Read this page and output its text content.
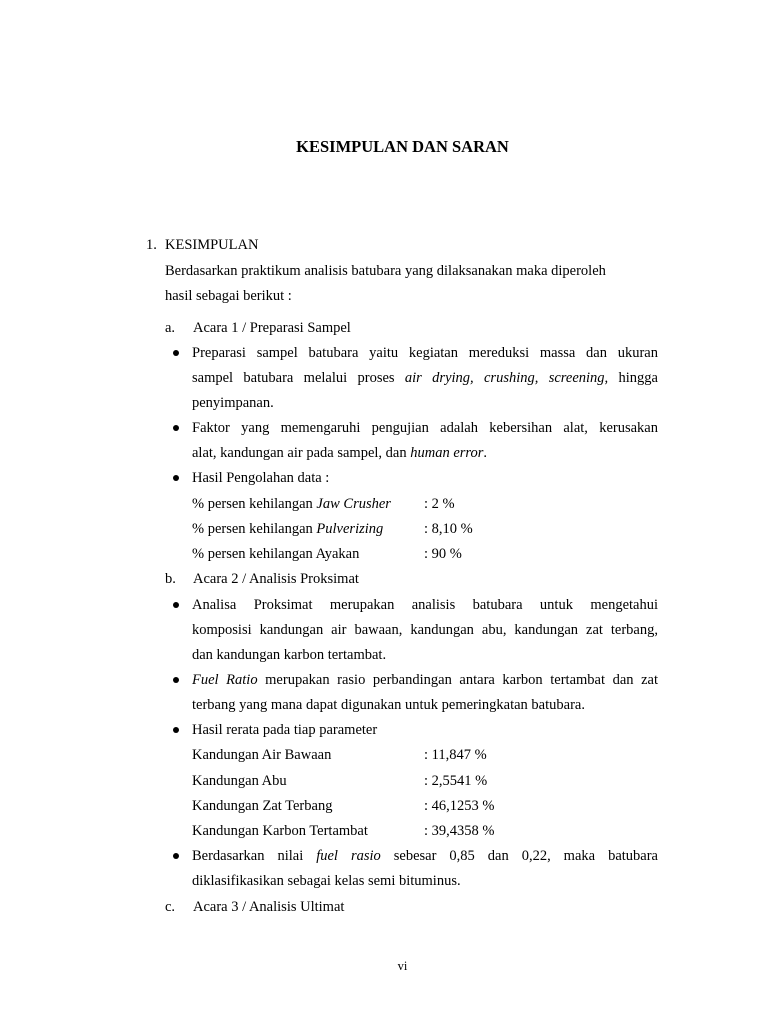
KESIMPULAN DAN SARAN
1. KESIMPULAN
Berdasarkan praktikum analisis batubara yang dilaksanakan maka diperoleh
hasil sebagai berikut :
a. Acara 1 / Preparasi Sampel
Preparasi sampel batubara yaitu kegiatan mereduksi massa dan ukuran
sampel batubara melalui proses air drying, crushing, screening, hingga
penyimpanan.
Faktor yang memengaruhi pengujian adalah kebersihan alat, kerusakan
alat, kandungan air pada sampel, dan human error.
Hasil Pengolahan data :
% persen kehilangan Jaw Crusher : 2 %
% persen kehilangan Pulverizing	: 8,10 %
% persen kehilangan Ayakan	: 90 %
b. Acara 2 / Analisis Proksimat
Analisa Proksimat merupakan analisis batubara untuk mengetahui
komposisi kandungan air bawaan, kandungan abu, kandungan zat terbang,
dan kandungan karbon tertambat.
Fuel Ratio merupakan rasio perbandingan antara karbon tertambat dan zat
terbang yang mana dapat digunakan untuk pemeringkatan batubara.
Hasil rerata pada tiap parameter
Kandungan Air Bawaan	: 11,847 %
Kandungan Abu	: 2,5541 %
Kandungan Zat Terbang	: 46,1253 %
Kandungan Karbon Tertambat	: 39,4358 %
Berdasarkan nilai fuel rasio sebesar 0,85 dan 0,22, maka batubara
diklasifikasikan sebagai kelas semi bituminus.
c. Acara 3 / Analisis Ultimat
vi
